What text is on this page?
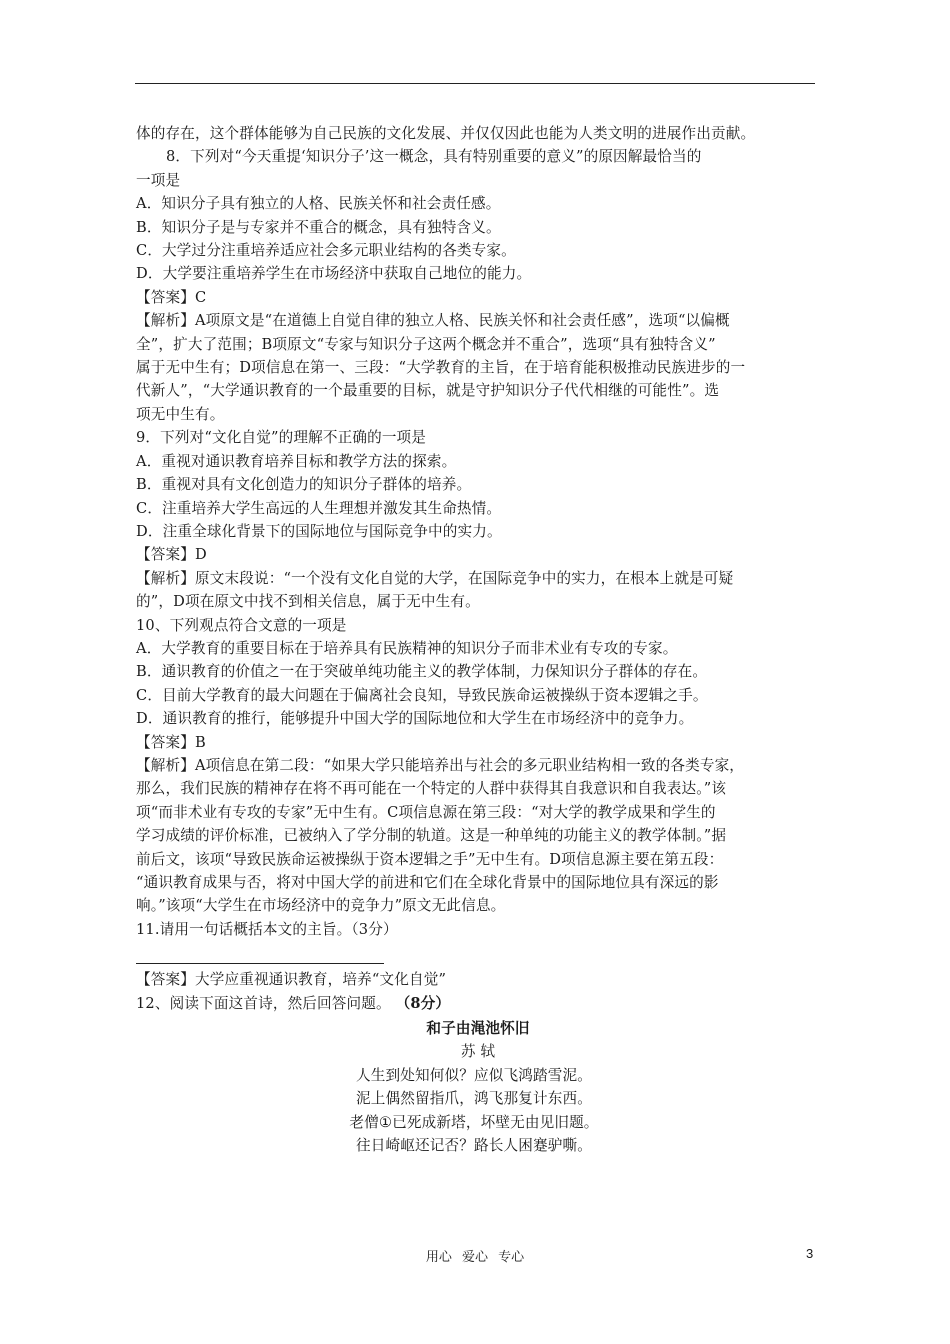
体的存在，这个群体能够为自己民族的文化发展、并仅仅因此也能为人类文明的进展作出贡献。

8．下列对“今天重提‘知识分子’这一概念，具有特别重要的意义”的原因解最恰当的

一项是

A．知识分子具有独立的人格、民族关怀和社会责任感。

B．知识分子是与专家并不重合的概念，具有独特含义。

C．大学过分注重培养适应社会多元职业结构的各类专家。

D．大学要注重培养学生在市场经济中获取自己地位的能力。

【答案】C

【解析】A项原文是“在道德上自觉自律的独立人格、民族关怀和社会责任感”，选项“以偏概

全”，扩大了范围；B项原文“专家与知识分子这两个概念并不重合”，选项“具有独特含义”

属于无中生有；D项信息在第一、三段：“大学教育的主旨，在于培育能积极推动民族进步的一

代新人”，“大学通识教育的一个最重要的目标，就是守护知识分子代代相继的可能性”。选

项无中生有。

9．下列对“文化自觉”的理解不正确的一项是

A．重视对通识教育培养目标和教学方法的探索。

B．重视对具有文化创造力的知识分子群体的培养。

C．注重培养大学生高远的人生理想并激发其生命热情。

D．注重全球化背景下的国际地位与国际竞争中的实力。

【答案】D

【解析】原文末段说：“一个没有文化自觉的大学，在国际竞争中的实力，在根本上就是可疑

的”，D项在原文中找不到相关信息，属于无中生有。

10、下列观点符合文意的一项是

A．大学教育的重要目标在于培养具有民族精神的知识分子而非术业有专攻的专家。

B．通识教育的价值之一在于突破单纯功能主义的教学体制，力保知识分子群体的存在。

C．目前大学教育的最大问题在于偏离社会良知，导致民族命运被操纵于资本逻辑之手。

D．通识教育的推行，能够提升中国大学的国际地位和大学生在市场经济中的竞争力。

【答案】B

【解析】A项信息在第二段：“如果大学只能培养出与社会的多元职业结构相一致的各类专家，

那么，我们民族的精神存在将不再可能在一个特定的人群中获得其自我意识和自我表达。”该

项“而非术业有专攻的专家”无中生有。C项信息源在第三段：“对大学的教学成果和学生的

学习成绩的评价标准，已被纳入了学分制的轨道。这是一种单纯的功能主义的教学体制。”据

前后文，该项“导致民族命运被操纵于资本逻辑之手”无中生有。D项信息源主要在第五段：

“通识教育成果与否，将对中国大学的前进和它们在全球化背景中的国际地位具有深远的影

响。”该项“大学生在市场经济中的竞争力”原文无此信息。

11.请用一句话概括本文的主旨。（3分）

【答案】大学应重视通识教育，培养“文化自觉”

12、阅读下面这首诗，然后回答问题。 （8分）

和子由渑池怀旧

苏 轼

人生到处知何似？应似飞鸿踏雪泥。

泥上偶然留指爪，鸿飞那复计东西。

老僧①已死成新塔，坏壁无由见旧题。

往日崎岖还记否？路长人困蹇驴嘶。

用心 爱心 专心	3
